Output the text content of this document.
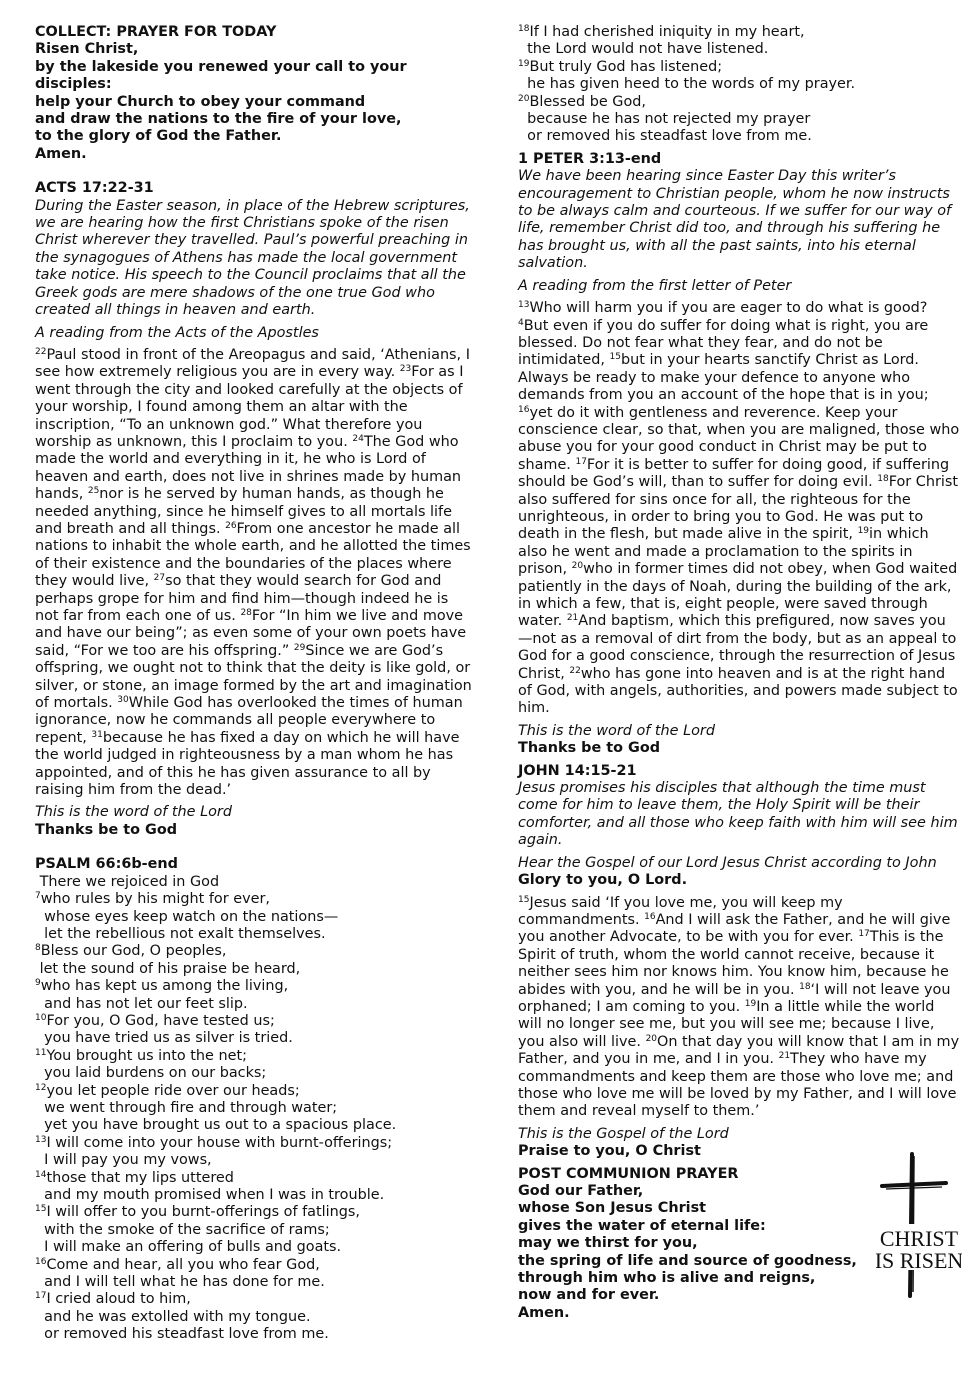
COLLECT: PRAYER FOR TODAY

Risen Christ,

by the lakeside you renewed your call to your disciples:

help your Church to obey your command

and draw the nations to the fire of your love,

to the glory of God the Father.

Amen.

ACTS 17:22-31

During the Easter season, in place of the Hebrew scriptures, we are hearing how the first Christians spoke of the risen Christ wherever they travelled. Paul’s powerful preaching in the synagogues of Athens has made the local government take notice. His speech to the Council proclaims that all the Greek gods are mere shadows of the one true God who created all things in heaven and earth.

A reading from the Acts of the Apostles

$^{22}$Paul stood in front of the Areopagus and said, ‘Athenians, I see how extremely religious you are in every way. $^{23}$For as I went through the city and looked carefully at the objects of your worship, I found among them an altar with the inscription, “To an unknown god.” What therefore you worship as unknown, this I proclaim to you. $^{24}$The God who made the world and everything in it, he who is Lord of heaven and earth, does not live in shrines made by human hands, $^{25}$nor is he served by human hands, as though he needed anything, since he himself gives to all mortals life and breath and all things. $^{26}$From one ancestor he made all nations to inhabit the whole earth, and he allotted the times of their existence and the boundaries of the places where they would live, $^{27}$so that they would search for God and perhaps grope for him and find him—though indeed he is not far from each one of us. $^{28}$For “In him we live and move and have our being”; as even some of your own poets have said, “For we too are his offspring.” $^{29}$Since we are God’s offspring, we ought not to think that the deity is like gold, or silver, or stone, an image formed by the art and imagination of mortals. $^{30}$While God has overlooked the times of human ignorance, now he commands all people everywhere to repent, $^{31}$because he has fixed a day on which he will have the world judged in righteousness by a man whom he has appointed, and of this he has given assurance to all by raising him from the dead.’

This is the word of the Lord

Thanks be to God

PSALM 66:6b-end

There we rejoiced in God

$^7$who rules by his might for ever,

whose eyes keep watch on the nations—

let the rebellious not exalt themselves.

$^8$Bless our God, O peoples,

let the sound of his praise be heard,

$^9$who has kept us among the living,

and has not let our feet slip.

$^{10}$For you, O God, have tested us;

you have tried us as silver is tried.

$^{11}$You brought us into the net;

you laid burdens on our backs;

$^{12}$you let people ride over our heads;

we went through fire and through water;

yet you have brought us out to a spacious place.

$^{13}$I will come into your house with burnt-offerings;

I will pay you my vows,

$^{14}$those that my lips uttered

and my mouth promised when I was in trouble.

$^{15}$I will offer to you burnt-offerings of fatlings,

with the smoke of the sacrifice of rams;

I will make an offering of bulls and goats.

$^{16}$Come and hear, all you who fear God,

and I will tell what he has done for me.

$^{17}$I cried aloud to him,

and he was extolled with my tongue.

or removed his steadfast love from me.

$^{18}$If I had cherished iniquity in my heart,

the Lord would not have listened.

$^{19}$But truly God has listened;

he has given heed to the words of my prayer.

$^{20}$Blessed be God,

because he has not rejected my prayer

or removed his steadfast love from me.

1 PETER 3:13-end

We have been hearing since Easter Day this writer’s encouragement to Christian people, whom he now instructs to be always calm and courteous. If we suffer for our way of life, remember Christ did too, and through his suffering he has brought us, with all the past saints, into his eternal salvation.

A reading from the first letter of Peter

$^{13}$Who will harm you if you are eager to do what is good? $^4$But even if you do suffer for doing what is right, you are blessed. Do not fear what they fear, and do not be intimidated, $^{15}$but in your hearts sanctify Christ as Lord. Always be ready to make your defence to anyone who demands from you an account of the hope that is in you; $^{16}$yet do it with gentleness and reverence. Keep your conscience clear, so that, when you are maligned, those who abuse you for your good conduct in Christ may be put to shame. $^{17}$For it is better to suffer for doing good, if suffering should be God’s will, than to suffer for doing evil. $^{18}$For Christ also suffered for sins once for all, the righteous for the unrighteous, in order to bring you to God. He was put to death in the flesh, but made alive in the spirit, $^{19}$in which also he went and made a proclamation to the spirits in prison, $^{20}$who in former times did not obey, when God waited patiently in the days of Noah, during the building of the ark, in which a few, that is, eight people, were saved through water. $^{21}$And baptism, which this prefigured, now saves you—not as a removal of dirt from the body, but as an appeal to God for a good conscience, through the resurrection of Jesus Christ, $^{22}$who has gone into heaven and is at the right hand of God, with angels, authorities, and powers made subject to him.

This is the word of the Lord

Thanks be to God

JOHN 14:15-21

Jesus promises his disciples that although the time must come for him to leave them, the Holy Spirit will be their comforter, and all those who keep faith with him will see him again.

Hear the Gospel of our Lord Jesus Christ according to John

Glory to you, O Lord.

$^{15}$Jesus said ‘If you love me, you will keep my commandments. $^{16}$And I will ask the Father, and he will give you another Advocate, to be with you for ever. $^{17}$This is the Spirit of truth, whom the world cannot receive, because it neither sees him nor knows him. You know him, because he abides with you, and he will be in you. $^{18}$‘I will not leave you orphaned; I am coming to you. $^{19}$In a little while the world will no longer see me, but you will see me; because I live, you also will live. $^{20}$On that day you will know that I am in my Father, and you in me, and I in you. $^{21}$They who have my commandments and keep them are those who love me; and those who love me will be loved by my Father, and I will love them and reveal myself to them.’

This is the Gospel of the Lord

Praise to you, O Christ

POST COMMUNION PRAYER

God our Father,

whose Son Jesus Christ

gives the water of eternal life:

may we thirst for you,

the spring of life and source of goodness,

through him who is alive and reigns,

now and for ever.

Amen.

CHRIST
IS RISEN
